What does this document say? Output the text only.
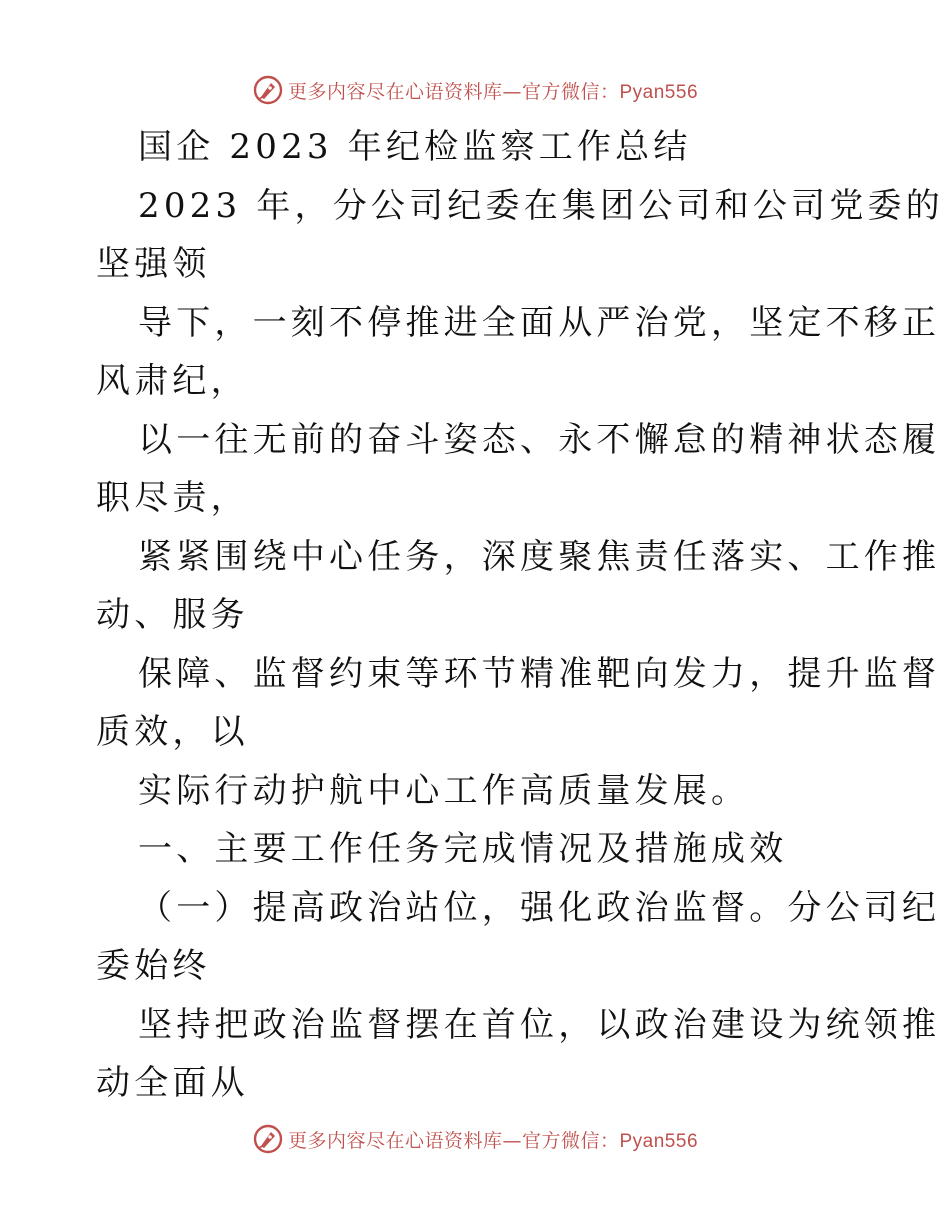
更多内容尽在心语资料库—官方微信：Pyan556
国企 2023 年纪检监察工作总结
2023 年，分公司纪委在集团公司和公司党委的
坚强领
导下，一刻不停推进全面从严治党，坚定不移正
风肃纪，
以一往无前的奋斗姿态、永不懈怠的精神状态履
职尽责，
紧紧围绕中心任务，深度聚焦责任落实、工作推
动、服务
保障、监督约束等环节精准靶向发力，提升监督
质效，以
实际行动护航中心工作高质量发展。
一、主要工作任务完成情况及措施成效
（一）提高政治站位，强化政治监督。分公司纪
委始终
坚持把政治监督摆在首位，以政治建设为统领推
动全面从
更多内容尽在心语资料库—官方微信：Pyan556
